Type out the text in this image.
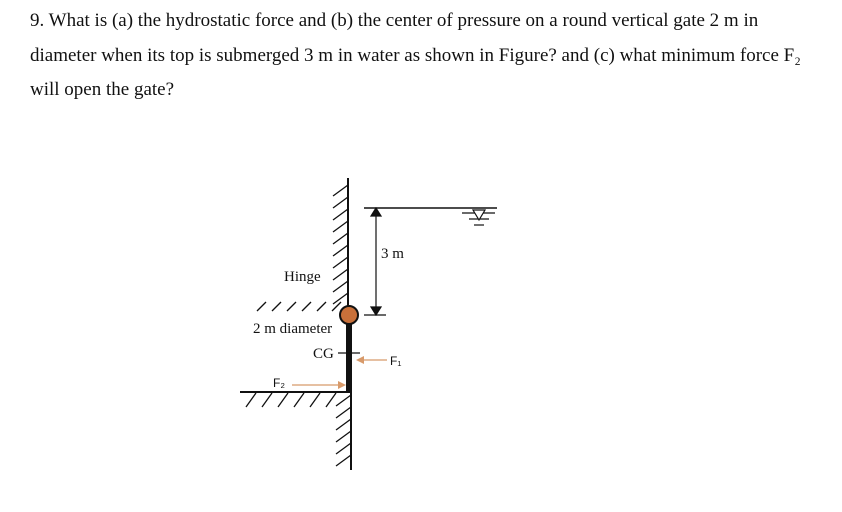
9. What is (a) the hydrostatic force and (b) the center of pressure on a round vertical gate 2 m in diameter when its top is submerged 3 m in water as shown in Figure? and (c) what minimum force F₂ will open the gate?

3 m
Hinge
2 m diameter
CG	F₁
F₂
